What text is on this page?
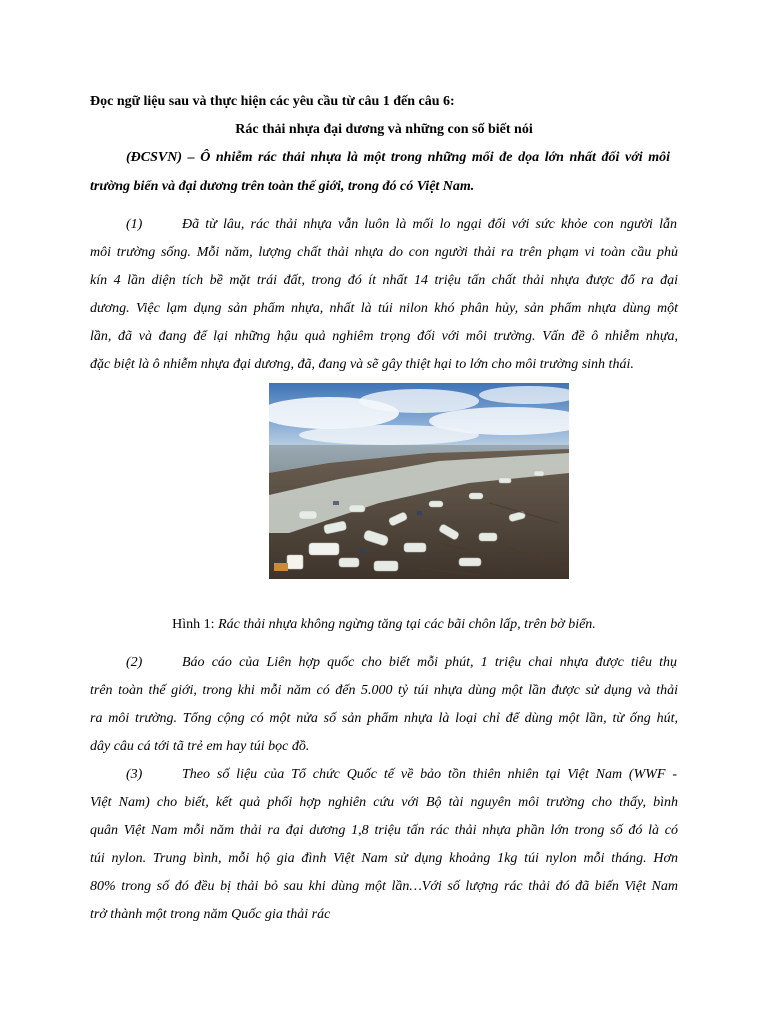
Đọc ngữ liệu sau và thực hiện các yêu cầu từ câu 1 đến câu 6:
Rác thải nhựa đại dương và những con số biết nói
(ĐCSVN) – Ô nhiễm rác thải nhựa là một trong những mối đe dọa lớn nhất đối với môi
trường biển và đại dương trên toàn thế giới, trong đó có Việt Nam.
(1)	Đã từ lâu, rác thải nhựa vẫn luôn là mối lo ngại đối với sức khỏe con người lẫn
môi trường sống. Mỗi năm, lượng chất thải nhựa do con người thải ra trên phạm vi toàn cầu phủ
kín 4 lần diện tích bề mặt trái đất, trong đó ít nhất 14 triệu tấn chất thải nhựa được đổ ra đại
dương. Việc lạm dụng sản phẩm nhựa, nhất là túi nilon khó phân hủy, sản phẩm nhựa dùng một
lần, đã và đang để lại những hậu quả nghiêm trọng đối với môi trường. Vấn đề ô nhiễm nhựa,
đặc biệt là ô nhiễm nhựa đại dương, đã, đang và sẽ gây thiệt hại to lớn cho môi trường sinh thái.
Hình 1: Rác thải nhựa không ngừng tăng tại các bãi chôn lấp, trên bờ biển.
(2)	Báo cáo của Liên hợp quốc cho biết mỗi phút, 1 triệu chai nhựa được tiêu thụ
trên toàn thế giới, trong khi mỗi năm có đến 5.000 tỷ túi nhựa dùng một lần được sử dụng và thải
ra môi trường. Tổng cộng có một nửa số sản phẩm nhựa là loại chỉ để dùng một lần, từ ống hút,
dây câu cá tới tã trẻ em hay túi bọc đồ.
(3)	Theo số liệu của Tổ chức Quốc tế về bảo tồn thiên nhiên tại Việt Nam (WWF -
Việt Nam) cho biết, kết quả phối hợp nghiên cứu với Bộ tài nguyên môi trường cho thấy, bình
quân Việt Nam mỗi năm thải ra đại dương 1,8 triệu tấn rác thải nhựa phần lớn trong số đó là có
túi nylon. Trung bình, mỗi hộ gia đình Việt Nam sử dụng khoảng 1kg túi nylon mỗi tháng. Hơn
80% trong số đó đều bị thải bỏ sau khi dùng một lần…Với số lượng rác thải đó đã biến Việt Nam
trở thành một trong năm Quốc gia thải rác
